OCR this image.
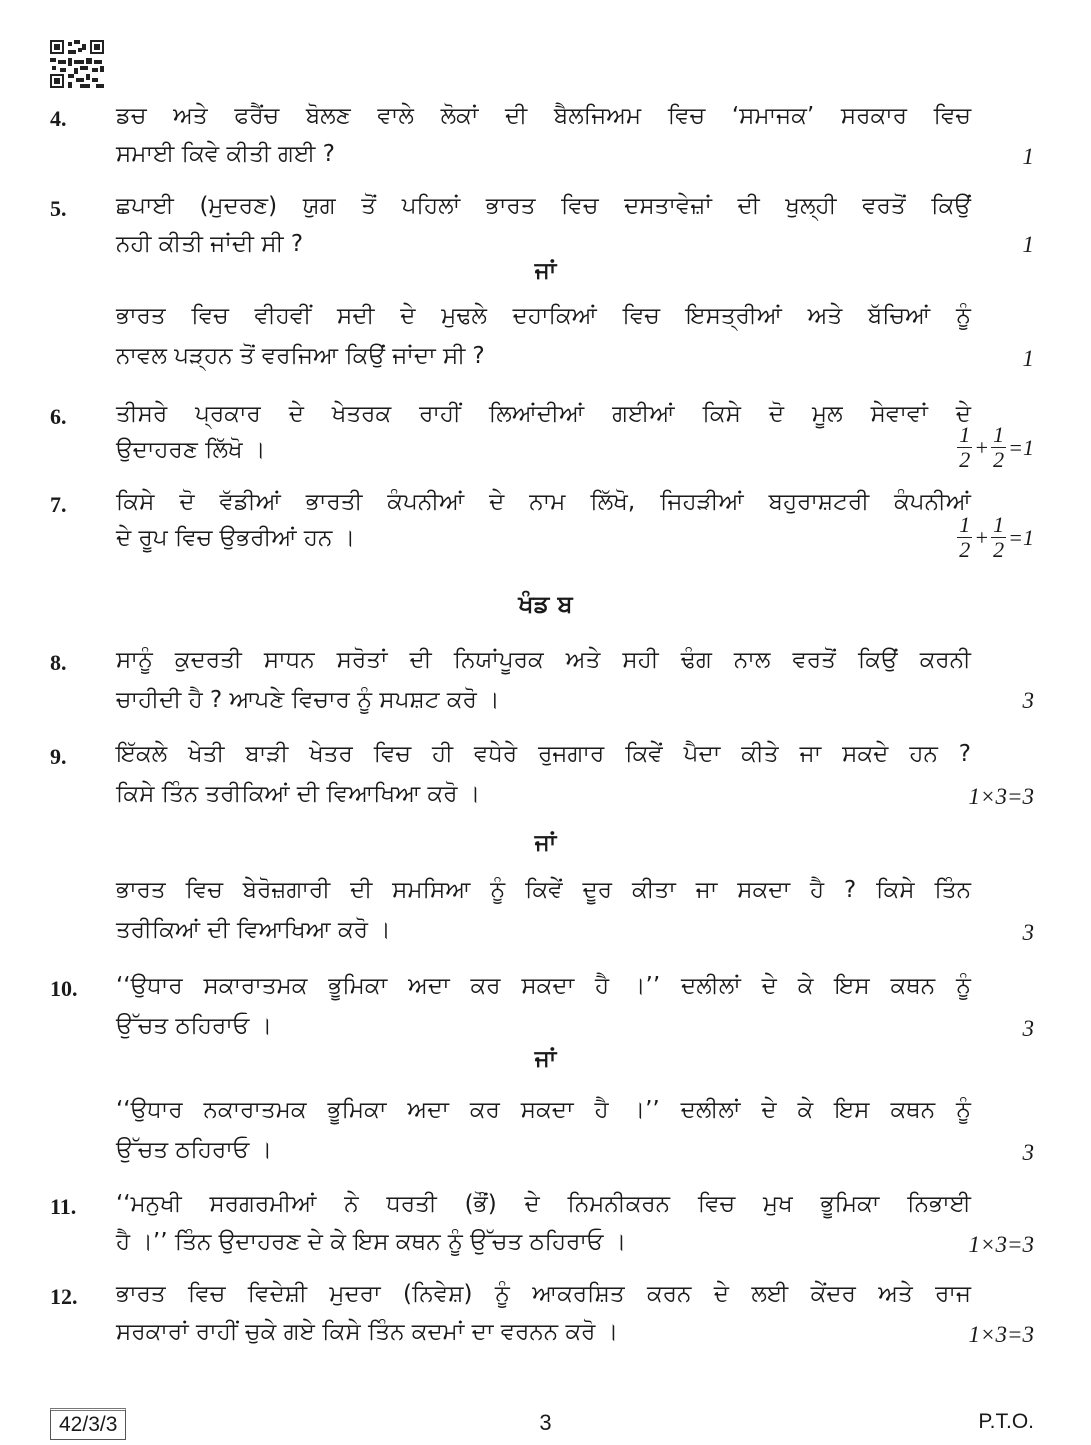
4. ਡਚ ਅਤੇ ਫਰੈਂਚ ਬੋਲਣ ਵਾਲੇ ਲੋਕਾਂ ਦੀ ਬੈਲਜਿਅਮ ਵਿਚ ‘ਸਮਾਜਕ’ ਸਰਕਾਰ ਵਿਚ
ਸਮਾਈ ਕਿਵੇ ਕੀਤੀ ਗਈ ?	1
5. ਛਪਾਈ (ਮੁਦਰਣ) ਯੁਗ ਤੋਂ ਪਹਿਲਾਂ ਭਾਰਤ ਵਿਚ ਦਸਤਾਵੇਜ਼ਾਂ ਦੀ ਖੁਲ੍ਹੀ ਵਰਤੋਂ ਕਿਉਂ
ਨਹੀ ਕੀਤੀ ਜਾਂਦੀ ਸੀ ?	1
ਜਾਂ
ਭਾਰਤ ਵਿਚ ਵੀਹਵੀਂ ਸਦੀ ਦੇ ਮੁਢਲੇ ਦਹਾਕਿਆਂ ਵਿਚ ਇਸਤ੍ਰੀਆਂ ਅਤੇ ਬੱਚਿਆਂ ਨੂੰ
ਨਾਵਲ ਪੜ੍ਹਨ ਤੋਂ ਵਰਜਿਆ ਕਿਉਂ ਜਾਂਦਾ ਸੀ ?	1
6. ਤੀਸਰੇ ਪ੍ਰਕਾਰ ਦੇ ਖੇਤਰਕ ਰਾਹੀਂ ਲਿਆਂਦੀਆਂ ਗਈਆਂ ਕਿਸੇ ਦੋ ਮੂਲ ਸੇਵਾਵਾਂ ਦੇ
ਉਦਾਹਰਣ ਲਿੱਖੋ ।	$\frac{1}{2}$	+	$\frac{1}{2}$	=1
7. ਕਿਸੇ ਦੋ ਵੱਡੀਆਂ ਭਾਰਤੀ ਕੰਪਨੀਆਂ ਦੇ ਨਾਮ ਲਿੱਖੋ, ਜਿਹੜੀਆਂ ਬਹੁਰਾਸ਼ਟਰੀ ਕੰਪਨੀਆਂ
ਦੇ ਰੂਪ ਵਿਚ ਉਭਰੀਆਂ ਹਨ ।	$\frac{1}{2}$	+	$\frac{1}{2}$	=1
ਖੰਡ ਬ
8. ਸਾਨੂੰ ਕੁਦਰਤੀ ਸਾਧਨ ਸਰੋਤਾਂ ਦੀ ਨਿਯਾਂਪੂਰਕ ਅਤੇ ਸਹੀ ਢੰਗ ਨਾਲ ਵਰਤੋਂ ਕਿਉਂ ਕਰਨੀ
ਚਾਹੀਦੀ ਹੈ ? ਆਪਣੇ ਵਿਚਾਰ ਨੂੰ ਸਪਸ਼ਟ ਕਰੋ ।	3
9. ਇੱਕਲੇ ਖੇਤੀ ਬਾੜੀ ਖੇਤਰ ਵਿਚ ਹੀ ਵਧੇਰੇ ਰੁਜਗਾਰ ਕਿਵੇਂ ਪੈਦਾ ਕੀਤੇ ਜਾ ਸਕਦੇ ਹਨ ?
ਕਿਸੇ ਤਿੰਨ ਤਰੀਕਿਆਂ ਦੀ ਵਿਆਖਿਆ ਕਰੋ ।	1×3=3
ਜਾਂ
ਭਾਰਤ ਵਿਚ ਬੇਰੋਜ਼ਗਾਰੀ ਦੀ ਸਮਸਿਆ ਨੂੰ ਕਿਵੇਂ ਦੂਰ ਕੀਤਾ ਜਾ ਸਕਦਾ ਹੈ ? ਕਿਸੇ ਤਿੰਨ
ਤਰੀਕਿਆਂ ਦੀ ਵਿਆਖਿਆ ਕਰੋ ।	3
10. ‘‘ਉਧਾਰ ਸਕਾਰਾਤਮਕ ਭੂਮਿਕਾ ਅਦਾ ਕਰ ਸਕਦਾ ਹੈ ।’’ ਦਲੀਲਾਂ ਦੇ ਕੇ ਇਸ ਕਥਨ ਨੂੰ
ਉੱਚਤ ਠਹਿਰਾਓ ।	3
ਜਾਂ
‘‘ਉਧਾਰ ਨਕਾਰਾਤਮਕ ਭੂਮਿਕਾ ਅਦਾ ਕਰ ਸਕਦਾ ਹੈ ।’’ ਦਲੀਲਾਂ ਦੇ ਕੇ ਇਸ ਕਥਨ ਨੂੰ
ਉੱਚਤ ਠਹਿਰਾਓ ।	3
11. ‘‘ਮਨੁਖੀ ਸਰਗਰਮੀਆਂ ਨੇ ਧਰਤੀ (ਭੌਂ) ਦੇ ਨਿਮਨੀਕਰਨ ਵਿਚ ਮੁਖ ਭੂਮਿਕਾ ਨਿਭਾਈ
ਹੈ ।’’ ਤਿੰਨ ਉਦਾਹਰਣ ਦੇ ਕੇ ਇਸ ਕਥਨ ਨੂੰ ਉੱਚਤ ਠਹਿਰਾਓ ।	1×3=3
12. ਭਾਰਤ ਵਿਚ ਵਿਦੇਸ਼ੀ ਮੁਦਰਾ (ਨਿਵੇਸ਼) ਨੂੰ ਆਕਰਸ਼ਿਤ ਕਰਨ ਦੇ ਲਈ ਕੇਂਦਰ ਅਤੇ ਰਾਜ
ਸਰਕਾਰਾਂ ਰਾਹੀਂ ਚੁਕੇ ਗਏ ਕਿਸੇ ਤਿੰਨ ਕਦਮਾਂ ਦਾ ਵਰਨਨ ਕਰੋ ।	1×3=3
42/3/3	3	P.T.O.
